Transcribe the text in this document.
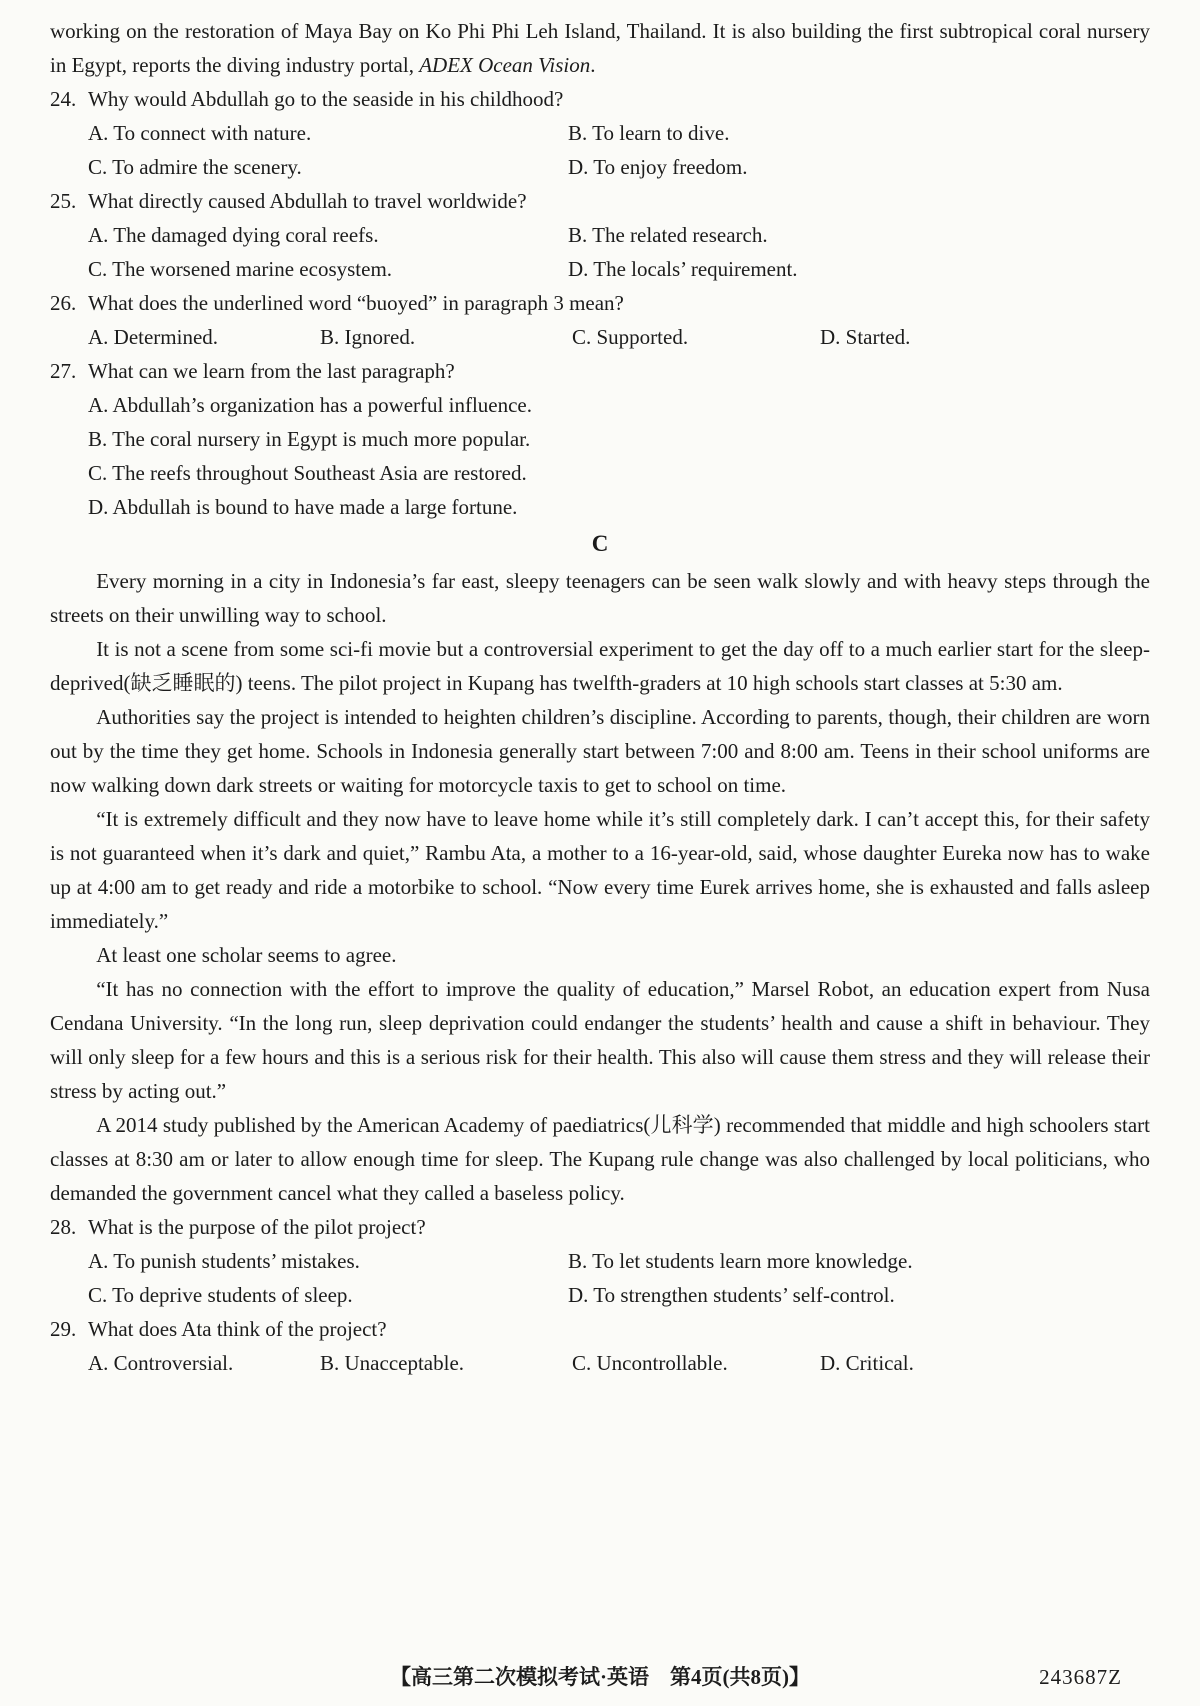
working on the restoration of Maya Bay on Ko Phi Phi Leh Island, Thailand. It is also building the first subtropical coral nursery in Egypt, reports the diving industry portal, ADEX Ocean Vision.

24. Why would Abdullah go to the seaside in his childhood?

A. To connect with nature.	B. To learn to dive.
C. To admire the scenery.	D. To enjoy freedom.

25. What directly caused Abdullah to travel worldwide?

A. The damaged dying coral reefs.	B. The related research.
C. The worsened marine ecosystem.	D. The locals’ requirement.

26. What does the underlined word “buoyed” in paragraph 3 mean?

A. Determined.	B. Ignored.	C. Supported.	D. Started.

27. What can we learn from the last paragraph?

A. Abdullah’s organization has a powerful influence.
B. The coral nursery in Egypt is much more popular.
C. The reefs throughout Southeast Asia are restored.
D. Abdullah is bound to have made a large fortune.
C

Every morning in a city in Indonesia’s far east, sleepy teenagers can be seen walk slowly and with heavy steps through the streets on their unwilling way to school.

It is not a scene from some sci-fi movie but a controversial experiment to get the day off to a much earlier start for the sleep-deprived(缺乏睡眠的) teens. The pilot project in Kupang has twelfth-graders at 10 high schools start classes at 5:30 am.

Authorities say the project is intended to heighten children’s discipline. According to parents, though, their children are worn out by the time they get home. Schools in Indonesia generally start between 7:00 and 8:00 am. Teens in their school uniforms are now walking down dark streets or waiting for motorcycle taxis to get to school on time.

“It is extremely difficult and they now have to leave home while it’s still completely dark. I can’t accept this, for their safety is not guaranteed when it’s dark and quiet,” Rambu Ata, a mother to a 16-year-old, said, whose daughter Eureka now has to wake up at 4:00 am to get ready and ride a motorbike to school. “Now every time Eurek arrives home, she is exhausted and falls asleep immediately.”

At least one scholar seems to agree.

“It has no connection with the effort to improve the quality of education,” Marsel Robot, an education expert from Nusa Cendana University. “In the long run, sleep deprivation could endanger the students’ health and cause a shift in behaviour. They will only sleep for a few hours and this is a serious risk for their health. This also will cause them stress and they will release their stress by acting out.”

A 2014 study published by the American Academy of paediatrics(儿科学) recommended that middle and high schoolers start classes at 8:30 am or later to allow enough time for sleep. The Kupang rule change was also challenged by local politicians, who demanded the government cancel what they called a baseless policy.

28. What is the purpose of the pilot project?

A. To punish students’ mistakes.	B. To let students learn more knowledge.
C. To deprive students of sleep.	D. To strengthen students’ self-control.

29. What does Ata think of the project?

A. Controversial.	B. Unacceptable.	C. Uncontrollable.	D. Critical.
【高三第二次模拟考试·英语　第4页(共8页)】	243687Z
